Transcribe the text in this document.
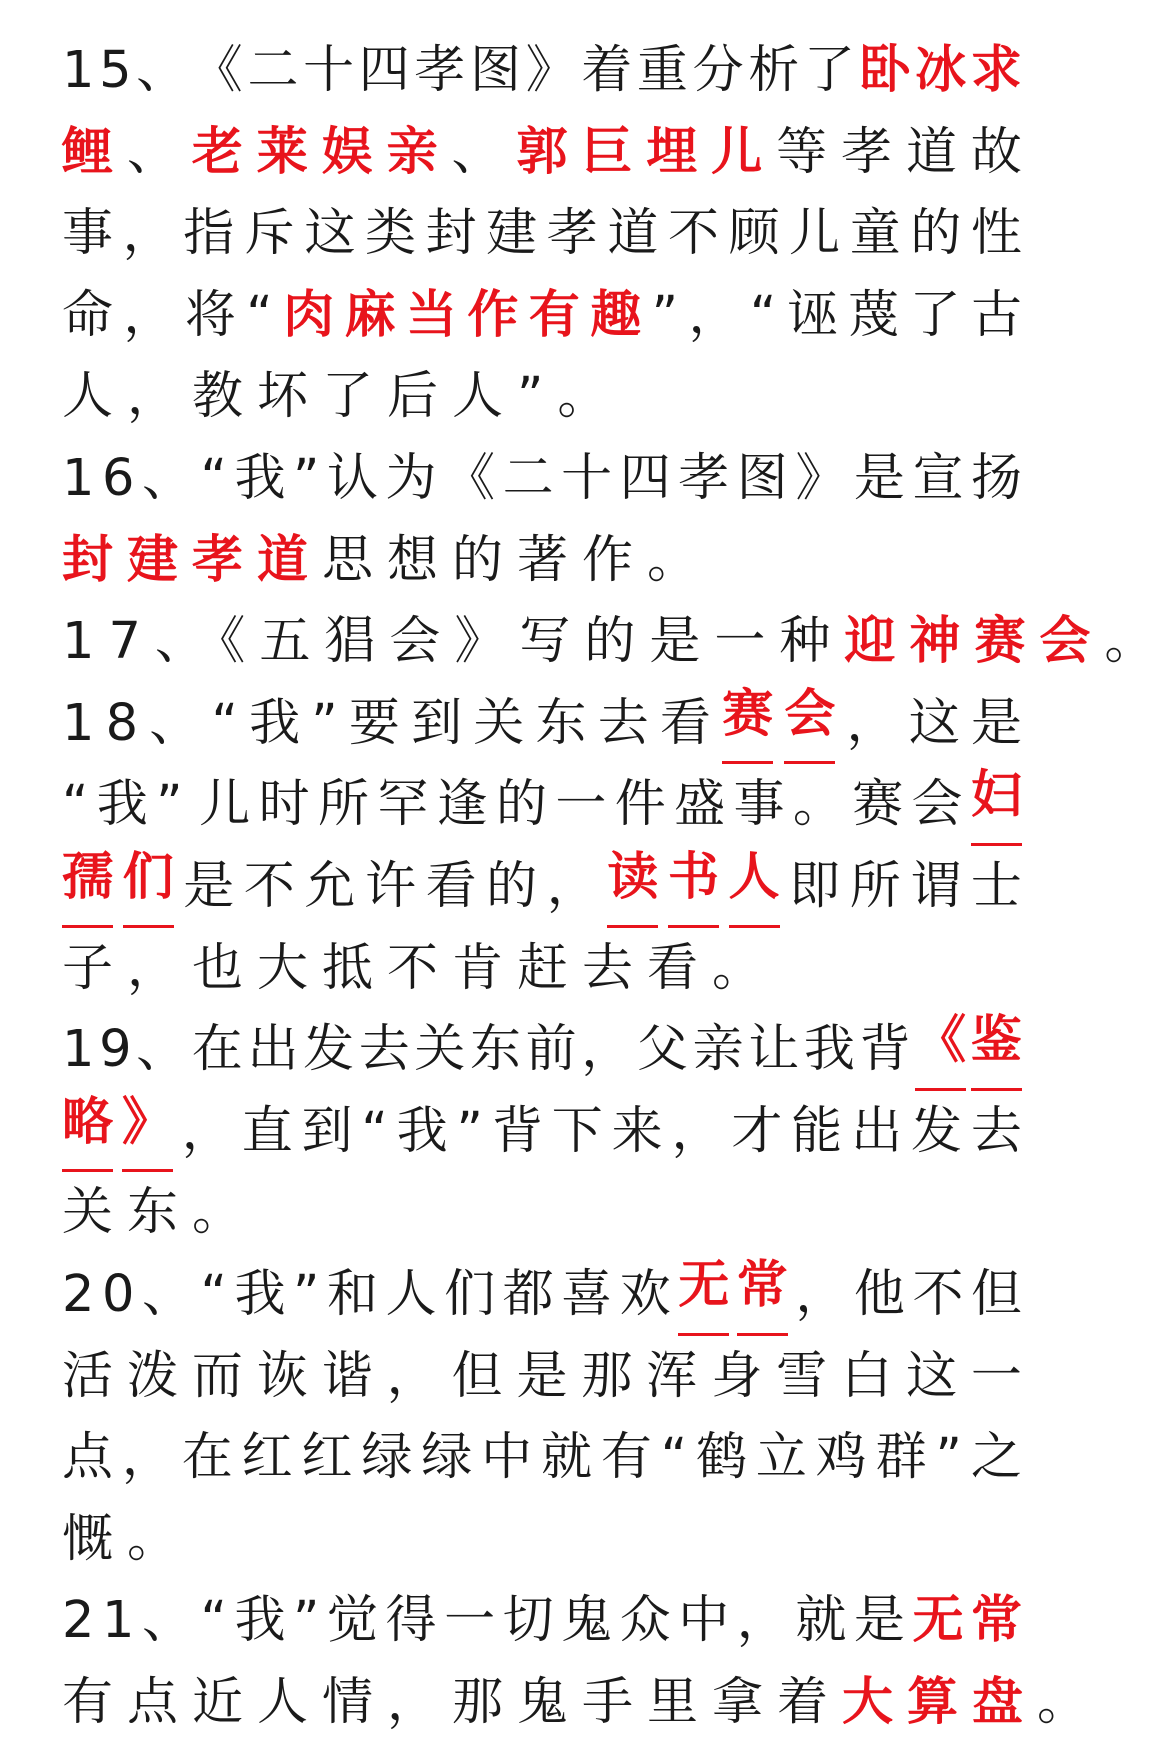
1 5 、 《 二 十 四 孝 图 》 着 重 分 析 了 卧 冰 求
鲤 、 老 莱 娱 亲 、 郭 巨 埋 儿 等 孝 道 故
事 ， 指 斥 这 类 封 建 孝 道 不 顾 儿 童 的 性
命 ， 将 “ 肉 麻 当 作 有 趣 ” ， “ 诬 蔑 了 古
人，教坏了后人”。
1 6 、 “ 我 ” 认 为 《 二 十 四 孝 图 》 是 宣 扬
封建孝道 思想的著作。
17、《五猖会》写的是一种 迎神赛会 。
1 8 、 “ 我 ” 要 到 关 东 去 看 赛 会 ， 这 是
“ 我 ” 儿 时 所 罕 逢 的 一 件 盛 事 。 赛 会 妇
孺 们 是 不 允 许 看 的 ， 读 书 人 即 所 谓 士
子，也大抵不肯赶去看。
1 9 、 在 出 发 去 关 东 前 ， 父 亲 让 我 背 《 鉴
略 》 ， 直 到 “ 我 ” 背 下 来 ， 才 能 出 发 去
关东。
2 0 、 “ 我 ” 和 人 们 都 喜 欢 无 常 ， 他 不 但
活 泼 而 诙 谐 ， 但 是 那 浑 身 雪 白 这 一
点 ， 在 红 红 绿 绿 中 就 有 “ 鹤 立 鸡 群 ” 之
慨。
2 1 、 “ 我 ” 觉 得 一 切 鬼 众 中 ， 就 是 无 常
有点近人情，那鬼手里拿着 大算盘 。
